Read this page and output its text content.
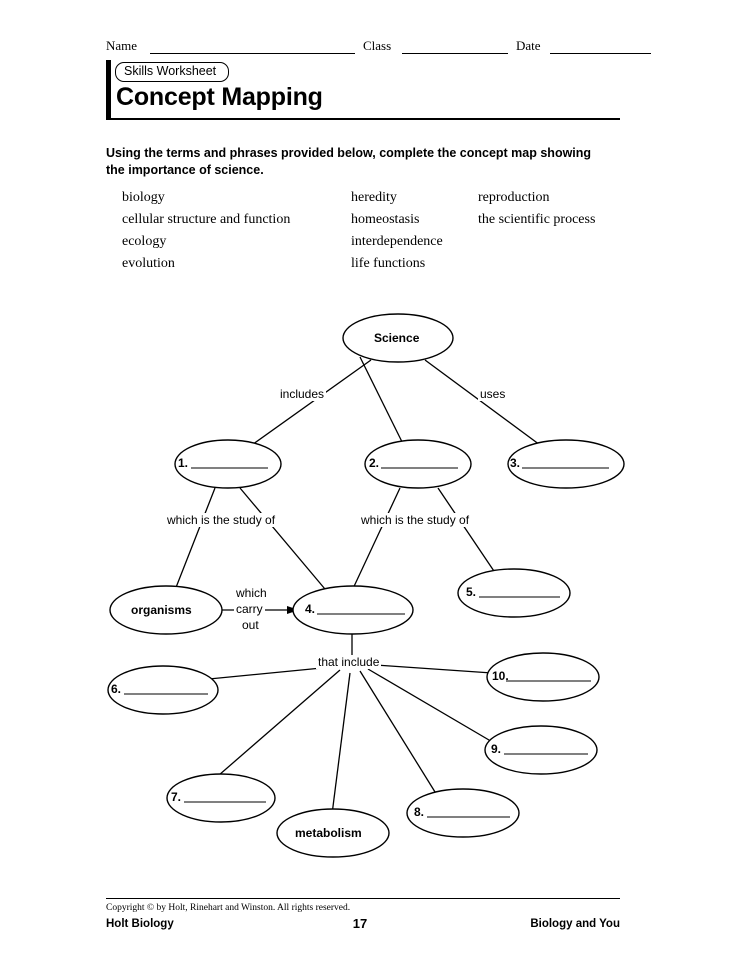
Name	Class	Date
Skills Worksheet
Concept Mapping
Using the terms and phrases provided below, complete the concept map showing the importance of science.
biology
cellular structure and function
ecology
evolution
heredity
homeostasis
interdependence
life functions
reproduction
the scientific process
Science
organisms
metabolism
1.	2.	3.
4.
5.
6.
7.
8.
9.
10.
includes	uses
which is the study of	which is the study of
which
carry
out
that include
Copyright © by Holt, Rinehart and Winston. All rights reserved.
Holt Biology	17	Biology and You
